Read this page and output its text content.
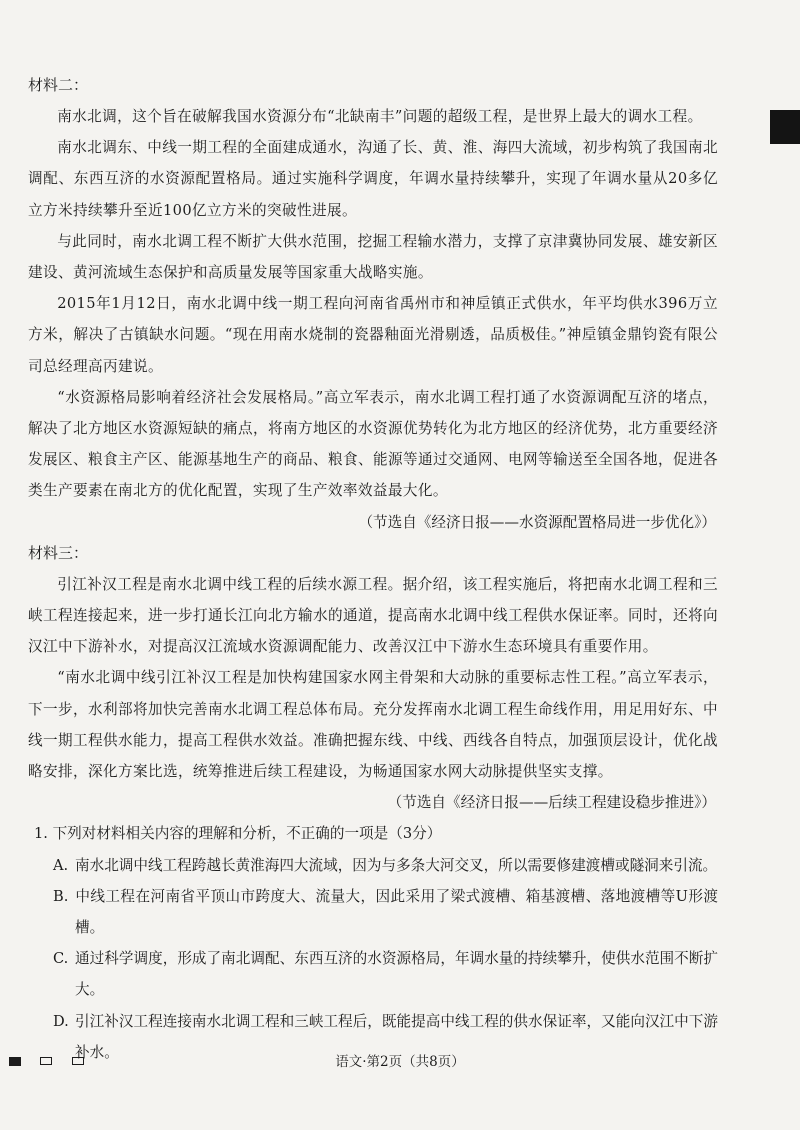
材料二：

南水北调，这个旨在破解我国水资源分布“北缺南丰”问题的超级工程，是世界上最大的调水工程。

南水北调东、中线一期工程的全面建成通水，沟通了长、黄、淮、海四大流域，初步构筑了我国南北调配、东西互济的水资源配置格局。通过实施科学调度，年调水量持续攀升，实现了年调水量从20多亿立方米持续攀升至近100亿立方米的突破性进展。

与此同时，南水北调工程不断扩大供水范围，挖掘工程输水潜力，支撑了京津冀协同发展、雄安新区建设、黄河流域生态保护和高质量发展等国家重大战略实施。

2015年1月12日，南水北调中线一期工程向河南省禹州市和神垕镇正式供水，年平均供水396万立方米，解决了古镇缺水问题。“现在用南水烧制的瓷器釉面光滑剔透，品质极佳。”神垕镇金鼎钧瓷有限公司总经理高丙建说。

“水资源格局影响着经济社会发展格局。”高立军表示，南水北调工程打通了水资源调配互济的堵点，解决了北方地区水资源短缺的痛点，将南方地区的水资源优势转化为北方地区的经济优势，北方重要经济发展区、粮食主产区、能源基地生产的商品、粮食、能源等通过交通网、电网等输送至全国各地，促进各类生产要素在南北方的优化配置，实现了生产效率效益最大化。

（节选自《经济日报——水资源配置格局进一步优化》）

材料三：

引江补汉工程是南水北调中线工程的后续水源工程。据介绍，该工程实施后，将把南水北调工程和三峡工程连接起来，进一步打通长江向北方输水的通道，提高南水北调中线工程供水保证率。同时，还将向汉江中下游补水，对提高汉江流域水资源调配能力、改善汉江中下游水生态环境具有重要作用。

“南水北调中线引江补汉工程是加快构建国家水网主骨架和大动脉的重要标志性工程。”高立军表示，下一步，水利部将加快完善南水北调工程总体布局。充分发挥南水北调工程生命线作用，用足用好东、中线一期工程供水能力，提高工程供水效益。准确把握东线、中线、西线各自特点，加强顶层设计，优化战略安排，深化方案比选，统筹推进后续工程建设，为畅通国家水网大动脉提供坚实支撑。

（节选自《经济日报——后续工程建设稳步推进》）

1. 下列对材料相关内容的理解和分析，不正确的一项是（3分）

A. 南水北调中线工程跨越长黄淮海四大流域，因为与多条大河交叉，所以需要修建渡槽或隧洞来引流。

B. 中线工程在河南省平顶山市跨度大、流量大，因此采用了梁式渡槽、箱基渡槽、落地渡槽等U形渡槽。

C. 通过科学调度，形成了南北调配、东西互济的水资源格局，年调水量的持续攀升，使供水范围不断扩大。

D. 引江补汉工程连接南水北调工程和三峡工程后，既能提高中线工程的供水保证率，又能向汉江中下游补水。

语文·第2页（共8页）
